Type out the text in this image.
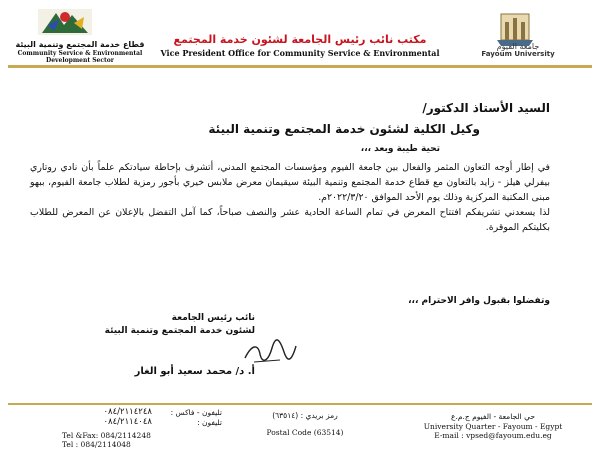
جامعة الفيوم
Fayoum University
مكتب نائب رئيس الجامعة لشئون خدمة المجتمع
Vice President Office for Community Service & Environmental
قطاع خدمة المجتمع وتنمية البيئة
Community Service & Environmental
Development Sector
السيد الأستاذ الدكتور/
وكيل الكلية لشئون خدمة المجتمع وتنمية البيئة
تحية طيبة وبعد ،،،

في إطار أوجه التعاون المثمر والفعال بين جامعة الفيوم ومؤسسات المجتمع المدني، أتشرف بإحاطة سيادتكم علماً بأن نادي روتاري بيفرلي هيلز - زايد بالتعاون مع قطاع خدمة المجتمع وتنمية البيئة سيقيمان معرض ملابس خيري بأجور رمزية لطلاب جامعة الفيوم، ببهو مبنى المكتبة المركزية وذلك يوم الأحد الموافق ٢٠٢٢/٣/٢٠م.

لذا يسعدني تشريفكم افتتاح المعرض في تمام الساعة الحادية عشر والنصف صباحاً، كما آمل التفضل بالإعلان عن المعرض للطلاب بكليتكم الموقرة.

وتفضلوا بقبول وافر الاحترام ،،،
نائب رئيس الجامعة
لشئون خدمة المجتمع وتنمية البيئة
أ. د/ محمد سعيد أبو الغار
حي الجامعة - الفيوم ج.م.ع
University Quarter - Fayoum - Egypt
E-mail : vpsed@fayoum.edu.eg
رمز بريدي : (٦٣٥١٤)
Postal Code (63514)
تليفون - فاكس :
تليفون :
٠٨٤/٢١١٤٢٤٨
٠٨٤/٢١١٤٠٤٨
Tel &Fax: 084/2114248
Tel : 084/2114048
